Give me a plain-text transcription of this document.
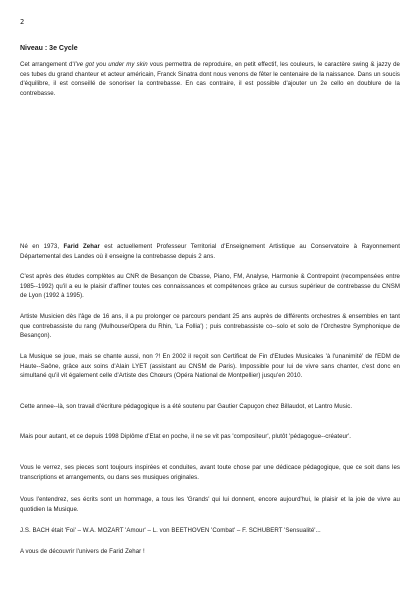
2
Niveau : 3e Cycle

Cet arrangement d'I've got you under my skin vous permettra de reproduire, en petit effectif, les couleurs, le caractère swing & jazzy de ces tubes du grand chanteur et acteur américain, Franck Sinatra dont nous venons de fêter le centenaire de la naissance. Dans un soucis d'équilibre, il est conseillé de sonoriser la contrebasse. En cas contraire, il est possible d'ajouter un 2e cello en doublure de la contrebasse.

Né en 1973, Farid Zehar est actuellement Professeur Territorial d'Enseignement Artistique au Conservatoire à Rayonnement Départemental des Landes où il enseigne la contrebasse depuis 2 ans.

C'est après des études complètes au CNR de Besançon de Cbasse, Piano, FM, Analyse, Harmonie & Contrepoint (recompensées entre 1985--1992) qu'il a eu le plaisir d'affiner toutes ces connaissances et compétences grâce au cursus supérieur de contrebasse du CNSM de Lyon (1992 à 1995).

Artiste Musicien dès l'âge de 16 ans, il a pu prolonger ce parcours pendant 25 ans auprès de différents orchestres & ensembles en tant que contrebassiste du rang (Mulhouse/Opera du Rhin, 'La Follia') ; puis contrebassiste co--solo et solo de l'Orchestre Symphonique de Besançon).

La Musique se joue, mais se chante aussi, non ?! En 2002 il reçoit son Certificat de Fin d'Etudes Musicales 'à l'unanimité' de l'EDM de Haute--Saône, grâce aux soins d'Alain LYET (assistant au CNSM de Paris). Impossible pour lui de vivre sans chanter, c'est donc en simultané qu'il vit également celle d'Artiste des Chœurs (Opéra National de Montpellier) jusqu'en 2010.

Cette annee--là, son travail d'écriture pédagogique is a été soutenu par Gautier Capuçon chez Billaudot, et Lantro Music.

Mais pour autant, et ce depuis 1998 Diplôme d'Etat en poche, il ne se vit pas 'compositeur', plutôt 'pédagogue--créateur'.

Vous le verrez, ses pieces sont toujours inspirées et conduites, avant toute chose par une dédicace pédagogique, que ce soit dans les transcriptions et arrangements, ou dans ses musiques originales.

Vous l'entendrez, ses écrits sont un hommage, a tous les 'Grands' qui lui donnent, encore aujourd'hui, le plaisir et la joie de vivre au quotidien la Musique.

J.S. BACH était 'Foi' – W.A. MOZART 'Amour' – L. von BEETHOVEN 'Combat' – F. SCHUBERT 'Sensualité'...

A vous de découvrir l'univers de Farid Zehar !
